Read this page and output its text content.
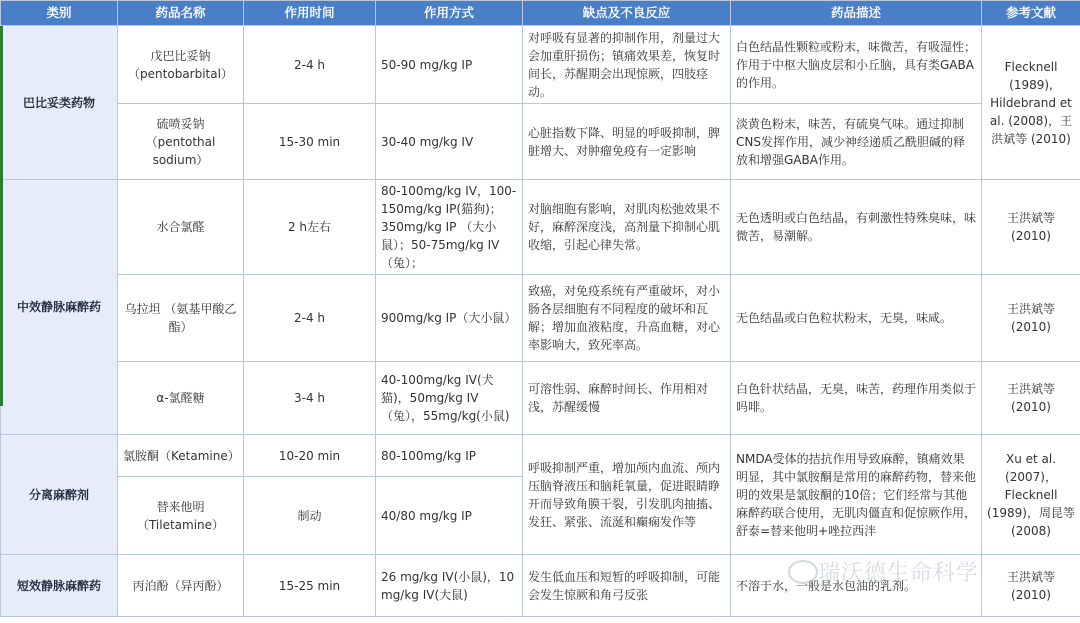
类别	药品名称	作用时间	作用方式	缺点及不良反应	药品描述	参考文献
巴比妥类药物	戊巴比妥钠（pentobarbital）	2-4 h	50-90 mg/kg IP	对呼吸有显著的抑制作用，剂量过大会加重肝损伤；镇痛效果差，恢复时间长，苏醒期会出现惊厥，四肢痉动。	白色结晶性颗粒或粉末，味微苦，有吸湿性；作用于中枢大脑皮层和小丘脑，具有类GABA的作用。	Flecknell (1989), Hildebrand et al. (2008)，王洪斌等 (2010)
	硫喷妥钠（pentothal sodium）	15-30 min	30-40 mg/kg IV	心脏指数下降、明显的呼吸抑制，脾脏增大、对肿瘤免疫有一定影响	淡黄色粉末，味苦，有硫臭气味。通过抑制CNS发挥作用，减少神经递质乙酰胆碱的释放和增强GABA作用。	
中效静脉麻醉药	水合氯醛	2 h左右	80-100mg/kg IV，100-150mg/kg IP(猫狗)；350mg/kg IP （大小鼠）；50-75mg/kg IV （兔）；	对脑细胞有影响，对肌肉松弛效果不好，麻醉深度浅，高剂量下抑制心肌收缩，引起心律失常。	无色透明或白色结晶，有刺激性特殊臭味，味微苦，易潮解。	王洪斌等 (2010)
	乌拉坦 （氨基甲酸乙酯）	2-4 h	900mg/kg IP（大小鼠）	致癌，对免疫系统有严重破坏，对小肠各层细胞有不同程度的破坏和瓦解；增加血液粘度，升高血糖，对心率影响大，致死率高。	无色结晶或白色粒状粉末，无臭，味咸。	王洪斌等 (2010)
	α-氯醛糖	3-4 h	40-100mg/kg IV(犬猫)，50mg/kg IV（兔），55mg/kg(小鼠)	可溶性弱、麻醉时间长、作用相对浅，苏醒缓慢	白色针状结晶，无臭，味苦，药理作用类似于吗啡。	王洪斌等 (2010)
分离麻醉剂	氯胺酮（Ketamine）	10-20 min	80-100mg/kg IP	呼吸抑制严重，增加颅内血流、颅内压脑脊液压和脑耗氧量，促进眼睛睁开而导致角膜干裂，引发肌肉抽搐、发狂、紧张、流涎和癫痫发作等	NMDA受体的拮抗作用导致麻醉，镇痛效果明显，其中氯胺酮是常用的麻醉药物，替来他明的效果是氯胺酮的10倍；它们经常与其他麻醉药联合使用，无肌肉僵直和促惊厥作用，舒泰=替来他明+唑拉西泮	Xu et al. (2007)，Flecknell (1989)，周昆等 (2008)
	替来他明（Tiletamine）	制动	40/80 mg/kg IP			
短效静脉麻醉药	丙泊酚（异丙酚）	15-25 min	26 mg/kg IV(小鼠)，10 mg/kg IV(大鼠)	发生低血压和短暂的呼吸抑制，可能会发生惊厥和角弓反张	不溶于水，一般是水包油的乳剂。	王洪斌等 (2010)
瑞沃德生命科学
